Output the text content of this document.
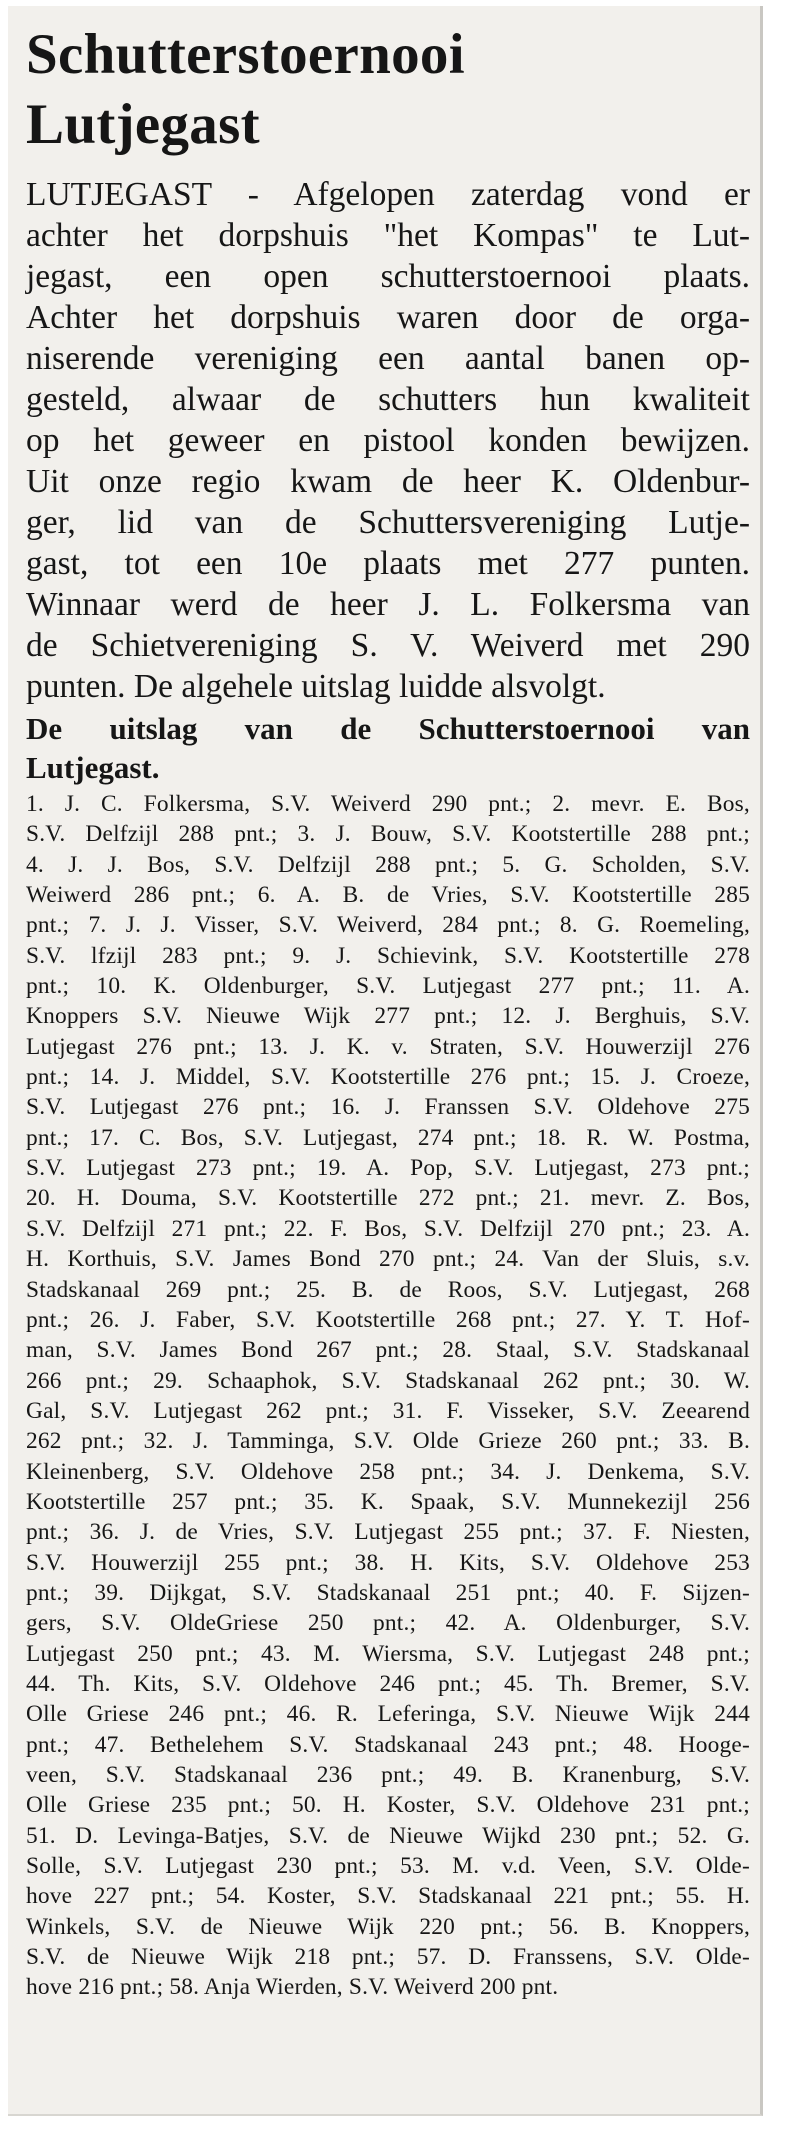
Schutterstoernooi
Lutjegast

LUTJEGAST - Afgelopen zaterdag vond er
achter het dorpshuis "het Kompas" te Lut-
jegast, een open schutterstoernooi plaats.
Achter het dorpshuis waren door de orga-
niserende vereniging een aantal banen op-
gesteld, alwaar de schutters hun kwaliteit
op het geweer en pistool konden bewijzen.
Uit onze regio kwam de heer K. Oldenbur-
ger, lid van de Schuttersvereniging Lutje-
gast, tot een 10e plaats met 277 punten.
Winnaar werd de heer J. L. Folkersma van
de Schietvereniging S. V. Weiverd met 290
punten. De algehele uitslag luidde alsvolgt.

De uitslag van de Schutterstoernooi van
Lutjegast.

1. J. C. Folkersma, S.V. Weiverd 290 pnt.; 2. mevr. E. Bos,
S.V. Delfzijl 288 pnt.; 3. J. Bouw, S.V. Kootstertille 288 pnt.;
4. J. J. Bos, S.V. Delfzijl 288 pnt.; 5. G. Scholden, S.V.
Weiwerd 286 pnt.; 6. A. B. de Vries, S.V. Kootstertille 285
pnt.; 7. J. J. Visser, S.V. Weiverd, 284 pnt.; 8. G. Roemeling,
S.V. lfzijl 283 pnt.; 9. J. Schievink, S.V. Kootstertille 278
pnt.; 10. K. Oldenburger, S.V. Lutjegast 277 pnt.; 11. A.
Knoppers S.V. Nieuwe Wijk 277 pnt.; 12. J. Berghuis, S.V.
Lutjegast 276 pnt.; 13. J. K. v. Straten, S.V. Houwerzijl 276
pnt.; 14. J. Middel, S.V. Kootstertille 276 pnt.; 15. J. Croeze,
S.V. Lutjegast 276 pnt.; 16. J. Franssen S.V. Oldehove 275
pnt.; 17. C. Bos, S.V. Lutjegast, 274 pnt.; 18. R. W. Postma,
S.V. Lutjegast 273 pnt.; 19. A. Pop, S.V. Lutjegast, 273 pnt.;
20. H. Douma, S.V. Kootstertille 272 pnt.; 21. mevr. Z. Bos,
S.V. Delfzijl 271 pnt.; 22. F. Bos, S.V. Delfzijl 270 pnt.; 23. A.
H. Korthuis, S.V. James Bond 270 pnt.; 24. Van der Sluis, s.v.
Stadskanaal 269 pnt.; 25. B. de Roos, S.V. Lutjegast, 268
pnt.; 26. J. Faber, S.V. Kootstertille 268 pnt.; 27. Y. T. Hof-
man, S.V. James Bond 267 pnt.; 28. Staal, S.V. Stadskanaal
266 pnt.; 29. Schaaphok, S.V. Stadskanaal 262 pnt.; 30. W.
Gal, S.V. Lutjegast 262 pnt.; 31. F. Visseker, S.V. Zeearend
262 pnt.; 32. J. Tamminga, S.V. Olde Grieze 260 pnt.; 33. B.
Kleinenberg, S.V. Oldehove 258 pnt.; 34. J. Denkema, S.V.
Kootstertille 257 pnt.; 35. K. Spaak, S.V. Munnekezijl 256
pnt.; 36. J. de Vries, S.V. Lutjegast 255 pnt.; 37. F. Niesten,
S.V. Houwerzijl 255 pnt.; 38. H. Kits, S.V. Oldehove 253
pnt.; 39. Dijkgat, S.V. Stadskanaal 251 pnt.; 40. F. Sijzen-
gers, S.V. OldeGriese 250 pnt.; 42. A. Oldenburger, S.V.
Lutjegast 250 pnt.; 43. M. Wiersma, S.V. Lutjegast 248 pnt.;
44. Th. Kits, S.V. Oldehove 246 pnt.; 45. Th. Bremer, S.V.
Olle Griese 246 pnt.; 46. R. Leferinga, S.V. Nieuwe Wijk 244
pnt.; 47. Bethelehem S.V. Stadskanaal 243 pnt.; 48. Hooge-
veen, S.V. Stadskanaal 236 pnt.; 49. B. Kranenburg, S.V.
Olle Griese 235 pnt.; 50. H. Koster, S.V. Oldehove 231 pnt.;
51. D. Levinga-Batjes, S.V. de Nieuwe Wijkd 230 pnt.; 52. G.
Solle, S.V. Lutjegast 230 pnt.; 53. M. v.d. Veen, S.V. Olde-
hove 227 pnt.; 54. Koster, S.V. Stadskanaal 221 pnt.; 55. H.
Winkels, S.V. de Nieuwe Wijk 220 pnt.; 56. B. Knoppers,
S.V. de Nieuwe Wijk 218 pnt.; 57. D. Franssens, S.V. Olde-
hove 216 pnt.; 58. Anja Wierden, S.V. Weiverd 200 pnt.
